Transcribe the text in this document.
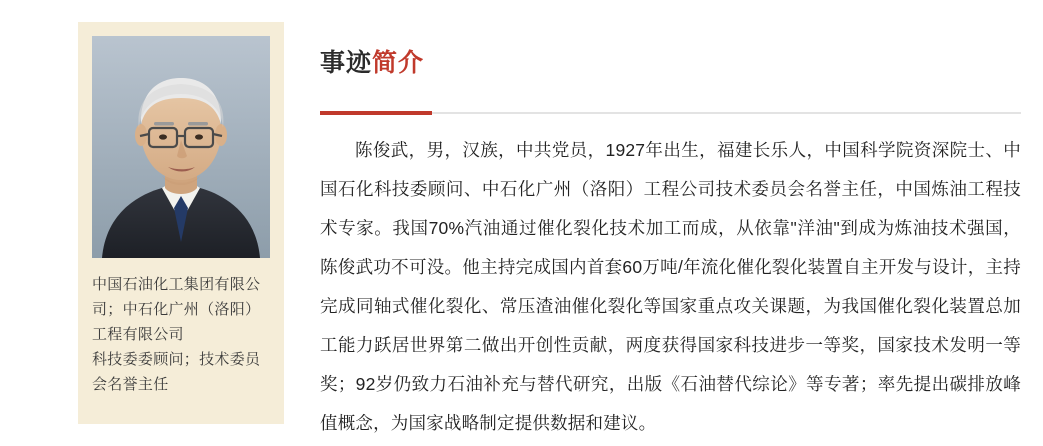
中国石油化工集团有限公司；中石化广州（洛阳）工程有限公司
科技委委顾问；技术委员会名誉主任
事迹简介

陈俊武，男，汉族，中共党员，1927年出生，福建长乐人，中国科学院资深院士、中国石化科技委顾问、中石化广州（洛阳）工程公司技术委员会名誉主任，中国炼油工程技术专家。我国70%汽油通过催化裂化技术加工而成，从依靠"洋油"到成为炼油技术强国，陈俊武功不可没。他主持完成国内首套60万吨/年流化催化裂化装置自主开发与设计，主持完成同轴式催化裂化、常压渣油催化裂化等国家重点攻关课题，为我国催化裂化装置总加工能力跃居世界第二做出开创性贡献，两度获得国家科技进步一等奖，国家技术发明一等奖；92岁仍致力石油补充与替代研究，出版《石油替代综论》等专著；率先提出碳排放峰值概念，为国家战略制定提供数据和建议。
